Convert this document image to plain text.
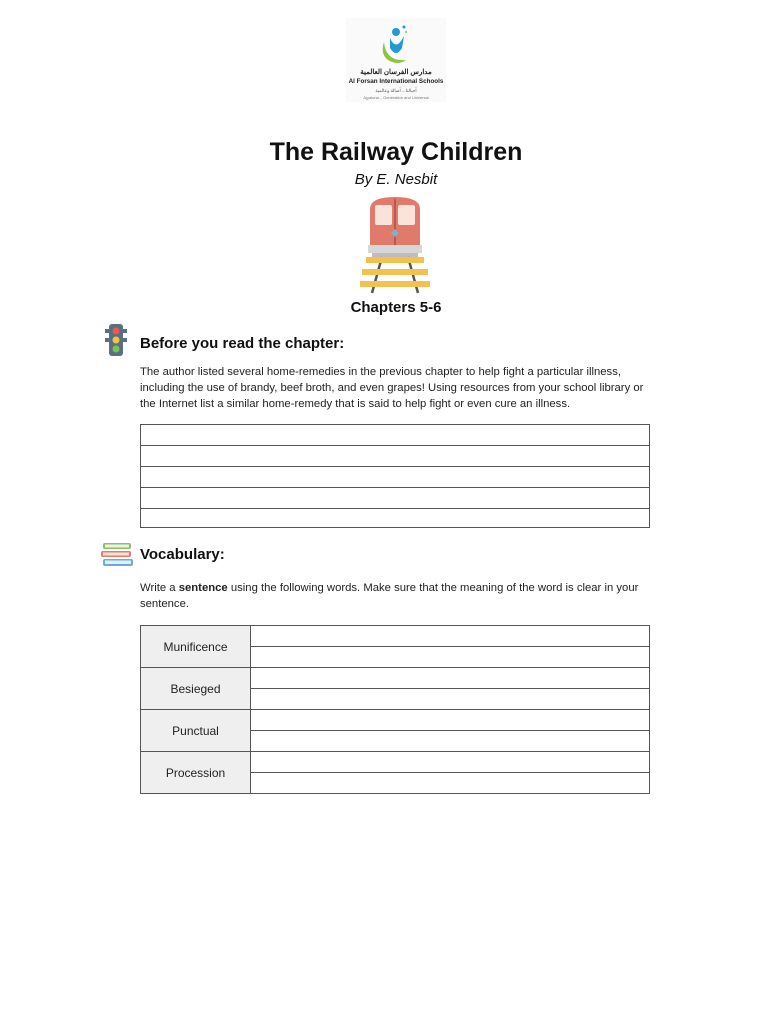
مدارس الفرسان العالمية
Al Forsan International Schools
أجيالنا... أصالة وعالمية
Ajyaluna... Generation and Universal
The Railway Children
By E. Nesbit
Chapters 5-6
Before you read the chapter:
The author listed several home-remedies in the previous chapter to help fight a particular illness, including the use of brandy, beef broth, and even grapes! Using resources from your school library or the Internet list a similar home-remedy that is said to help fight or even cure an illness.
Vocabulary:
Write a sentence using the following words. Make sure that the meaning of the word is clear in your sentence.
Munificence
Besieged
Punctual
Procession
